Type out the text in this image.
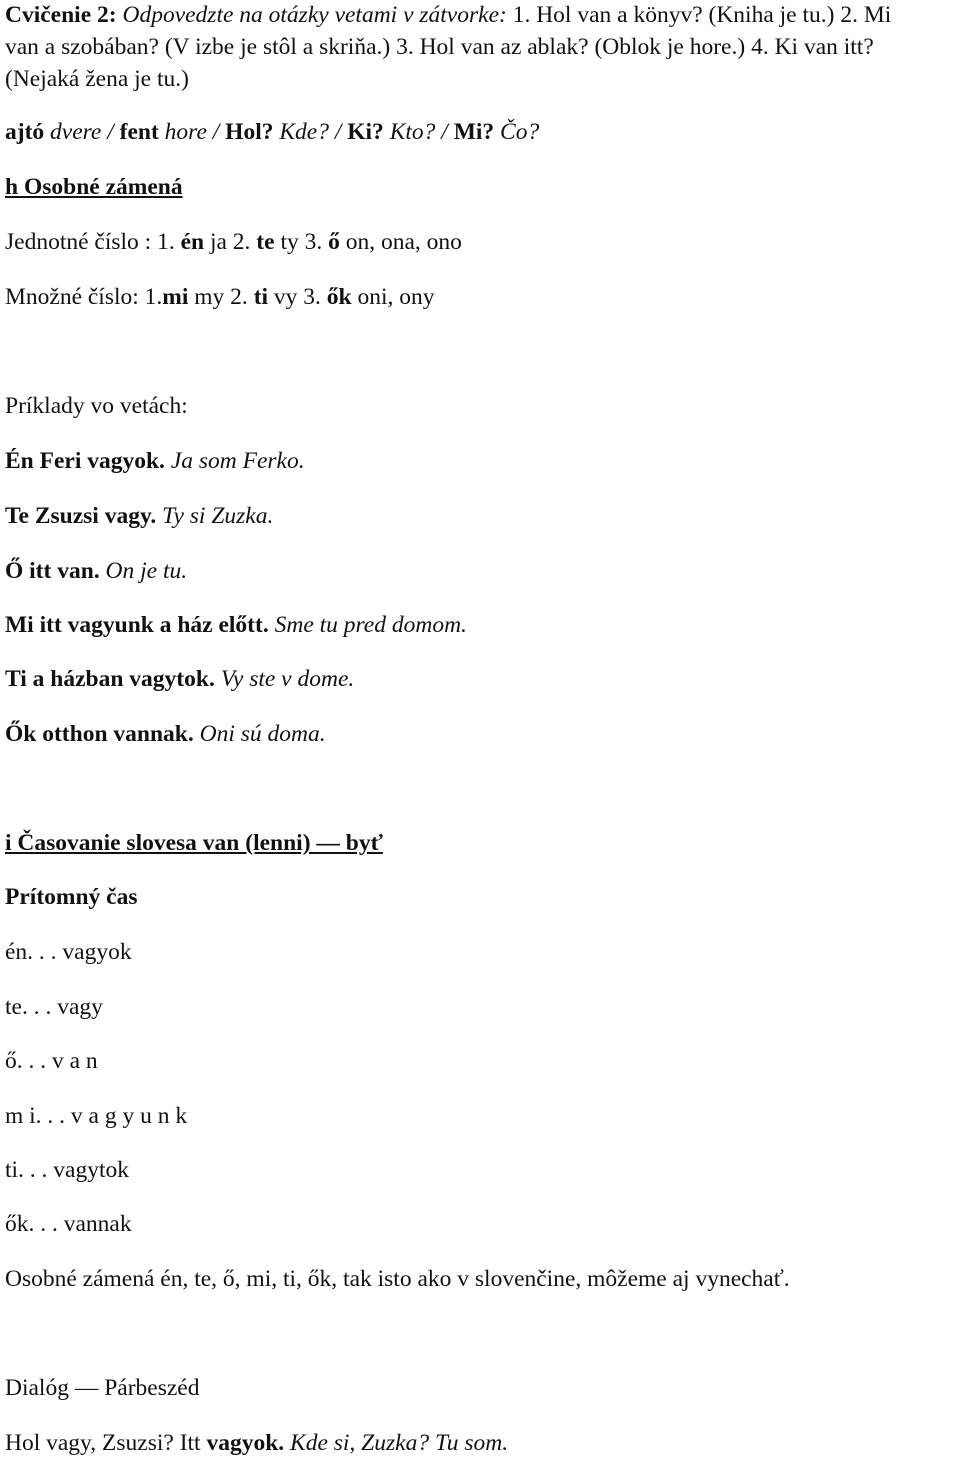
Cvičenie 2: Odpovedzte na otázky vetami v zátvorke: 1. Hol van a könyv? (Kniha je tu.) 2. Mi
van a szobában? (V izbe je stôl a skriňa.) 3. Hol van az ablak? (Oblok je hore.) 4. Ki van itt?
(Nejaká žena je tu.)
ajtó dvere / fent hore / Hol? Kde? / Ki? Kto? / Mi? Čo?
h Osobné zámená
Jednotné číslo : 1. én ja 2. te ty 3. ő on, ona, ono
Množné číslo: 1.mi my 2. ti vy 3. ők oni, ony
Príklady vo vetách:
Én Feri vagyok. Ja som Ferko.
Te Zsuzsi vagy. Ty si Zuzka.
Ő itt van. On je tu.
Mi itt vagyunk a ház előtt. Sme tu pred domom.
Ti a házban vagytok. Vy ste v dome.
Ők otthon vannak. Oni sú doma.
i Časovanie slovesa van (lenni) — byť
Prítomný čas
én. . . vagyok
te. . . vagy
ő. . . v a n
m i. . . v a g y u n k
ti. . . vagytok
ők. . . vannak
Osobné zámená én, te, ő, mi, ti, ők, tak isto ako v slovenčine, môžeme aj vynechať.
Dialóg — Párbeszéd
Hol vagy, Zsuzsi? Itt vagyok. Kde si, Zuzka? Tu som.
